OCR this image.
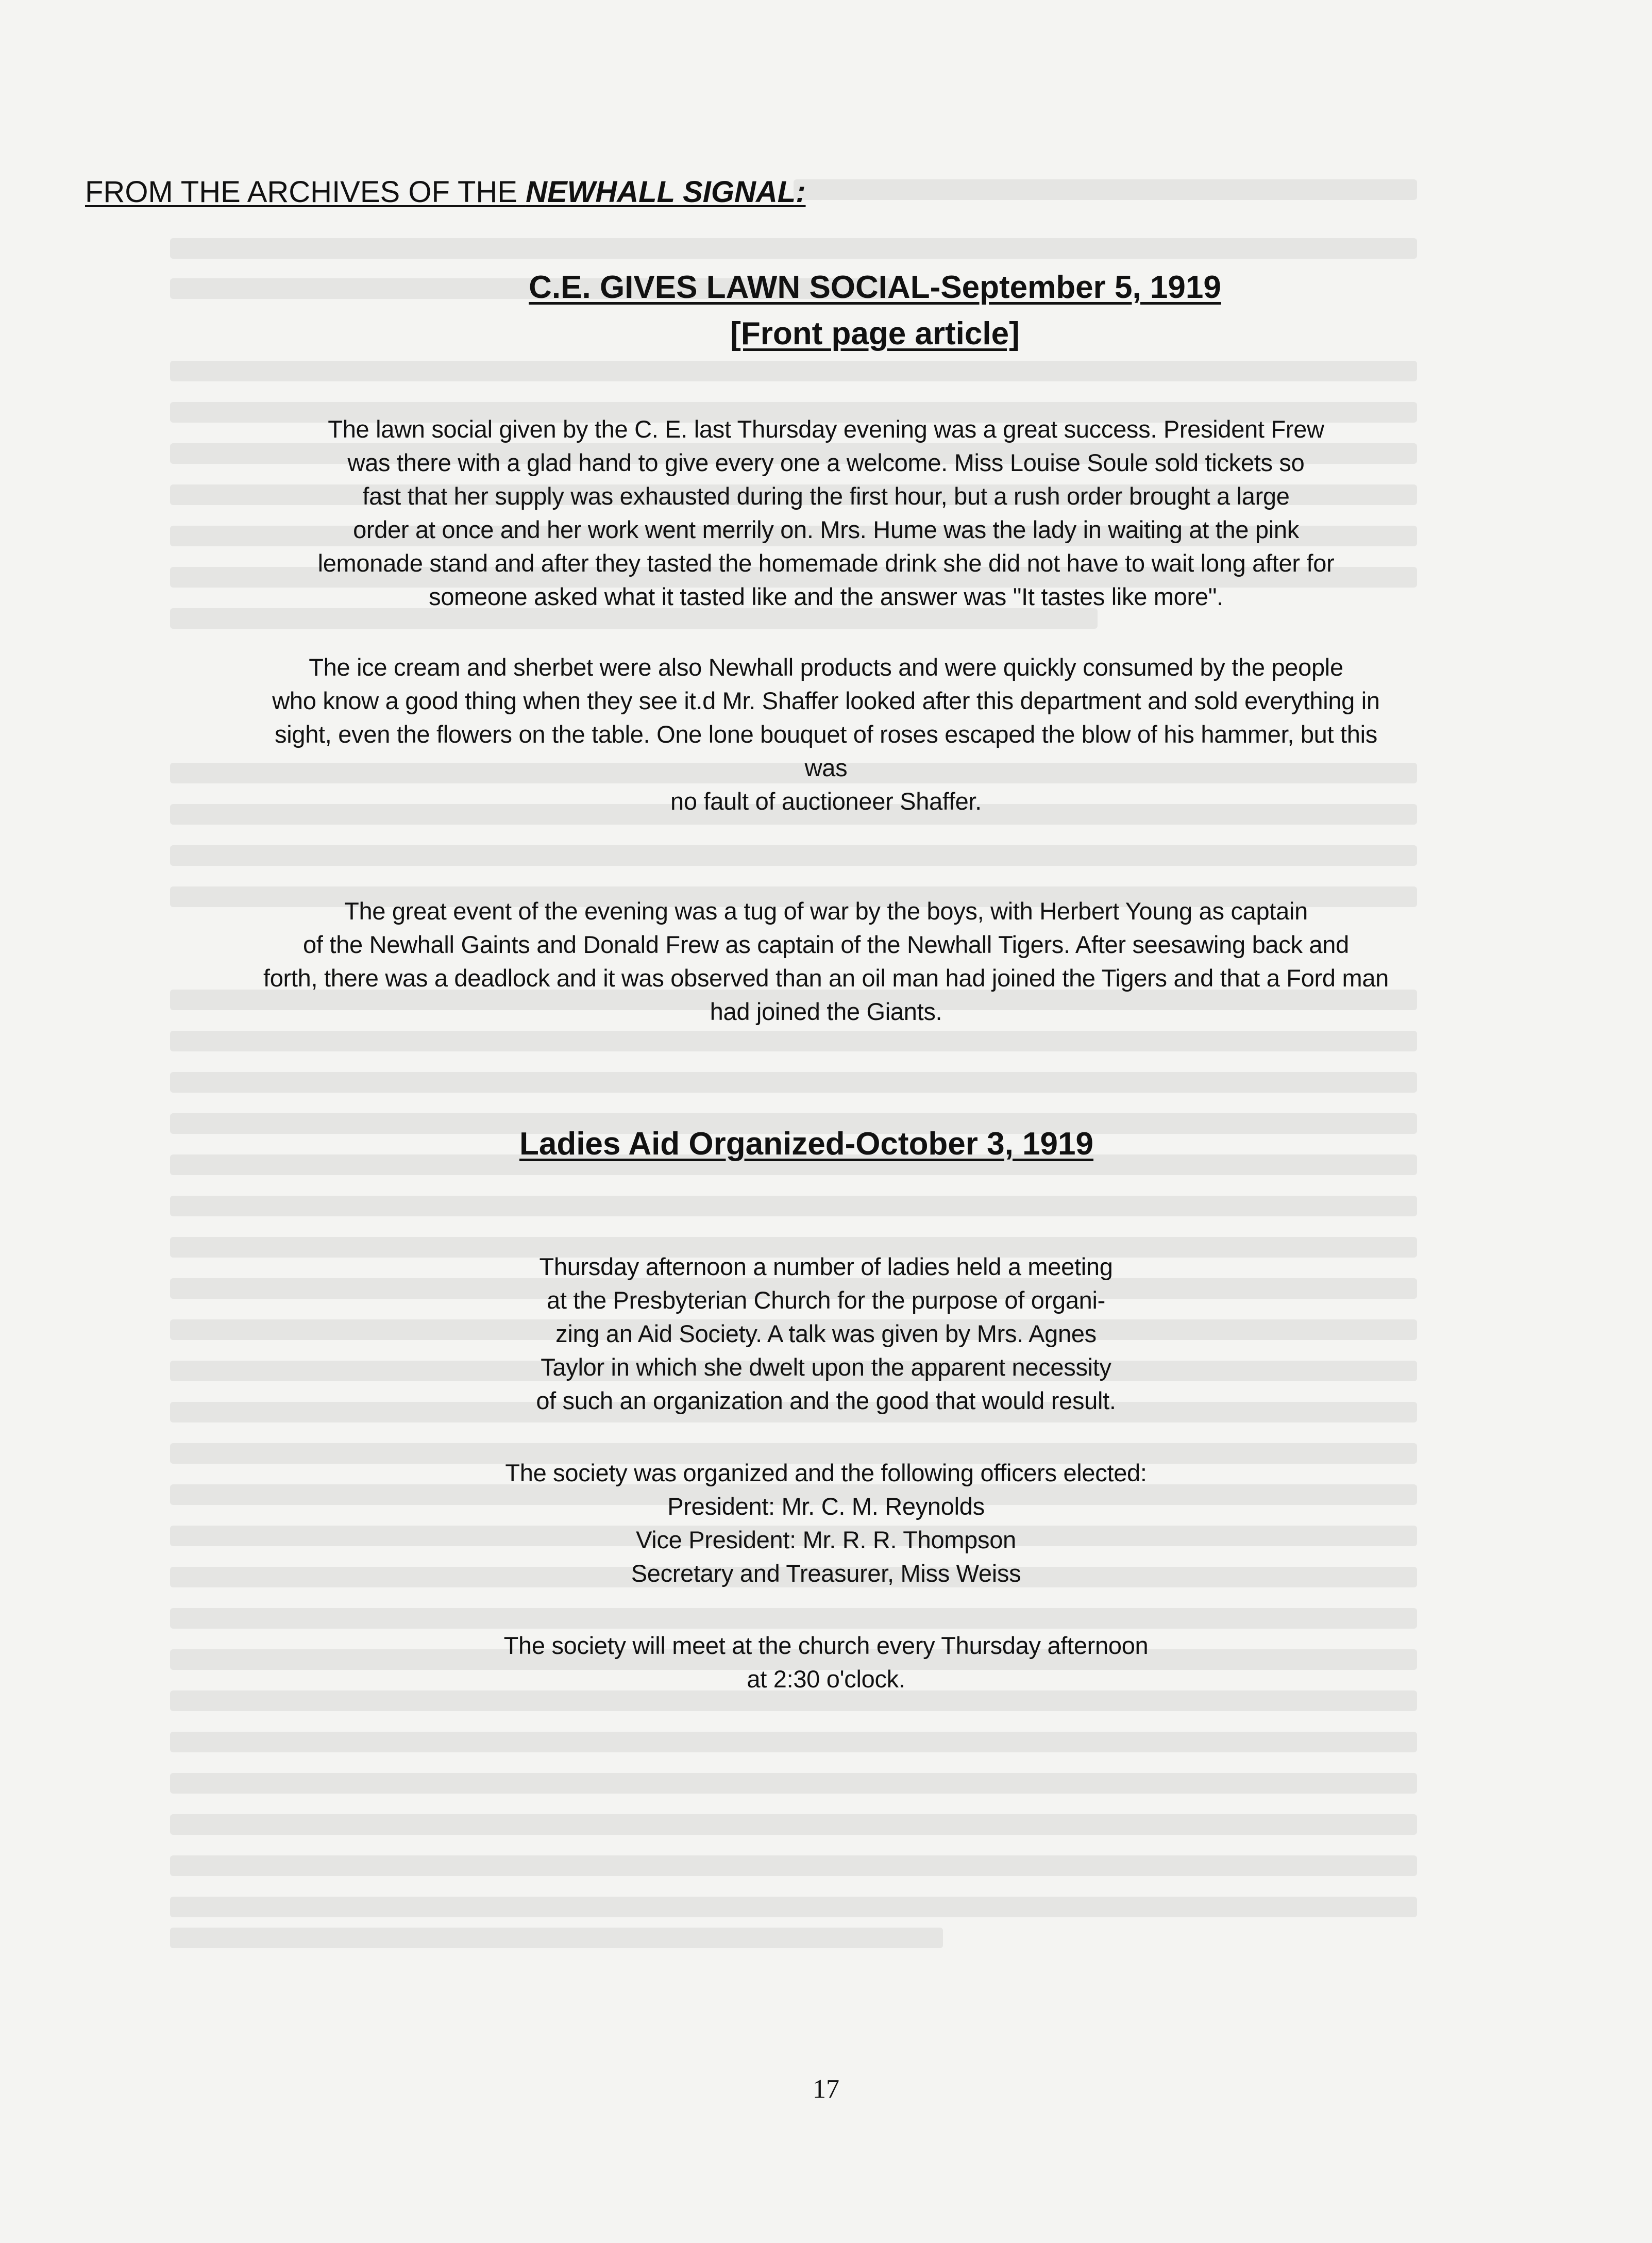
FROM THE ARCHIVES OF THE NEWHALL SIGNAL:
C.E. GIVES LAWN SOCIAL-September 5, 1919
[Front page article]
The lawn social given by the C. E. last Thursday evening was a great success. President Frew
was there with a glad hand to give every one a welcome. Miss Louise Soule sold tickets so
fast that her supply was exhausted during the first hour, but a rush order brought a large
order at once and her work went merrily on. Mrs. Hume was the lady in waiting at the pink
lemonade stand and after they tasted the homemade drink she did not have to wait long after for
someone asked what it tasted like and the answer was "It tastes like more".
The ice cream and sherbet were also Newhall products and were quickly consumed by the people
who know a good thing when they see it.d Mr. Shaffer looked after this department and sold everything in
sight, even the flowers on the table. One lone bouquet of roses escaped the blow of his hammer, but this
was
no fault of auctioneer Shaffer.
The great event of the evening was a tug of war by the boys, with Herbert Young as captain
of the Newhall Gaints and Donald Frew as captain of the Newhall Tigers. After seesawing back and
forth, there was a deadlock and it was observed than an oil man had joined the Tigers and that a Ford man
had joined the Giants.
Ladies Aid Organized-October 3, 1919
Thursday afternoon a number of ladies held a meeting
at the Presbyterian Church for the purpose of organi-
zing an Aid Society. A talk was given by Mrs. Agnes
Taylor in which she dwelt upon the apparent necessity
of such an organization and the good that would result.
The society was organized and the following officers elected:
President: Mr. C. M. Reynolds
Vice President: Mr. R. R. Thompson
Secretary and Treasurer, Miss Weiss
The society will meet at the church every Thursday afternoon
at 2:30 o'clock.
17
